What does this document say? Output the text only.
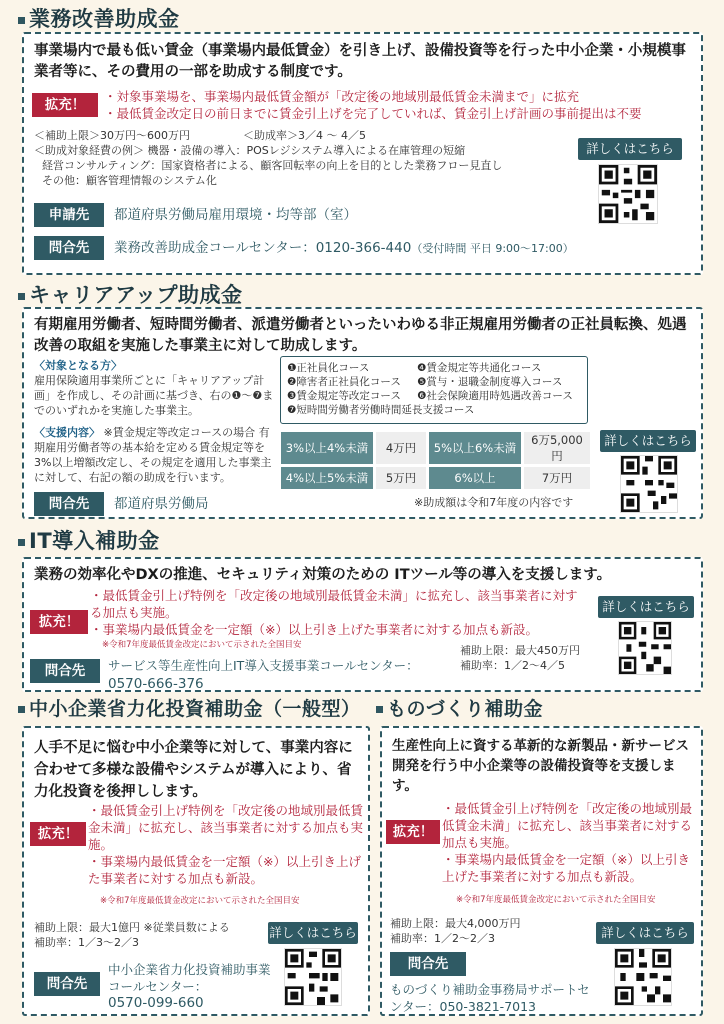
業務改善助成金
事業場内で最も低い賃金（事業場内最低賃金）を引き上げ、設備投資等を行った中小企業・小規模事業者等に、その費用の一部を助成する制度です。
拡充！
・ 対象事業場を、事業場内最低賃金額が「改定後の地域別最低賃金未満まで」に拡充
・ 最低賃金改定日の前日までに賃金引上げを完了していれば、賃金引上げ計画の事前提出は不要
＜補助上限＞30万円～600万円	＜助成率＞3／4 ～ 4／5
＜助成対象経費の例＞ 機器・設備の導入：POSレジシステム導入による在庫管理の短縮
経営コンサルティング：国家資格者による、顧客回転率の向上を目的とした業務フロー見直し
その他：顧客管理情報のシステム化
詳しくはこちら
申請先	都道府県労働局雇用環境・均等部（室）
問合先	業務改善助成金コールセンター：0120-366-440（受付時間 平日 9:00～17:00）
キャリアアップ助成金
有期雇用労働者、短時間労働者、派遣労働者といったいわゆる非正規雇用労働者の正社員転換、処遇改善の取組を実施した事業主に対して助成します。
〈対象となる方〉
雇用保険適用事業所ごとに「キャリアアップ計画」を作成し、その計画に基づき、右の❶～❼までのいずれかを実施した事業主。
〈支援内容〉 ※賃金規定等改定コースの場合 有期雇用労働者等の基本給を定める賃金規定等を3%以上増額改定し、その規定を適用した事業主に対して、右記の額の助成を行います。
❶正社員化コース
❷障害者正社員化コース
❸賃金規定等改定コース
❹賃金規定等共通化コース
❺賞与・退職金制度導入コース
❻社会保険適用時処遇改善コース
❼短時間労働者労働時間延長支援コース
3%以上4%未満	4万円	5%以上6%未満	6万5,000円
4%以上5%未満	5万円	6%以上	7万円
詳しくはこちら
問合先	都道府県労働局	※助成額は令和7年度の内容です
IT導入補助金
業務の効率化やDXの推進、セキュリティ対策のための ITツール等の導入を支援します。
拡充！
・ 最低賃金引上げ特例を「改定後の地域別最低賃金未満」に拡充し、該当事業者に対する加点も実施。
・ 事業場内最低賃金を一定額（※）以上引き上げた事業者に対する加点も新設。
※令和7年度最低賃金改定において示された全国目安
詳しくはこちら
問合先	サービス等生産性向上IT導入支援事業コールセンター：
0570-666-376
補助上限：最大450万円
補助率：1／2～4／5
中小企業省力化投資補助金（一般型）
人手不足に悩む中小企業等に対して、事業内容に合わせて多様な設備やシステムが導入により、省力化投資を後押しします。
拡充！
・ 最低賃金引上げ特例を「改定後の地域別最低賃金未満」に拡充し、該当事業者に対する加点も実施。
・ 事業場内最低賃金を一定額（※）以上引き上げた事業者に対する加点も新設。
※令和7年度最低賃金改定において示された全国目安
補助上限：最大1億円 ※従業員数による
補助率：1／3～2／3
詳しくはこちら
問合先
中小企業省力化投資補助事業 コールセンター：
0570-099-660
ものづくり補助金
生産性向上に資する革新的な新製品・新サービス開発を行う中小企業等の設備投資等を支援します。
拡充！
・ 最低賃金引上げ特例を「改定後の地域別最低賃金未満」に拡充し、該当事業者に対する加点も実施。
・ 事業場内最低賃金を一定額（※）以上引き上げた事業者に対する加点も新設。
※令和7年度最低賃金改定において示された全国目安
補助上限：最大4,000万円
補助率：1／2～2／3	詳しくはこちら
問合先
ものづくり補助金事務局サポートセンター：050-3821-7013
